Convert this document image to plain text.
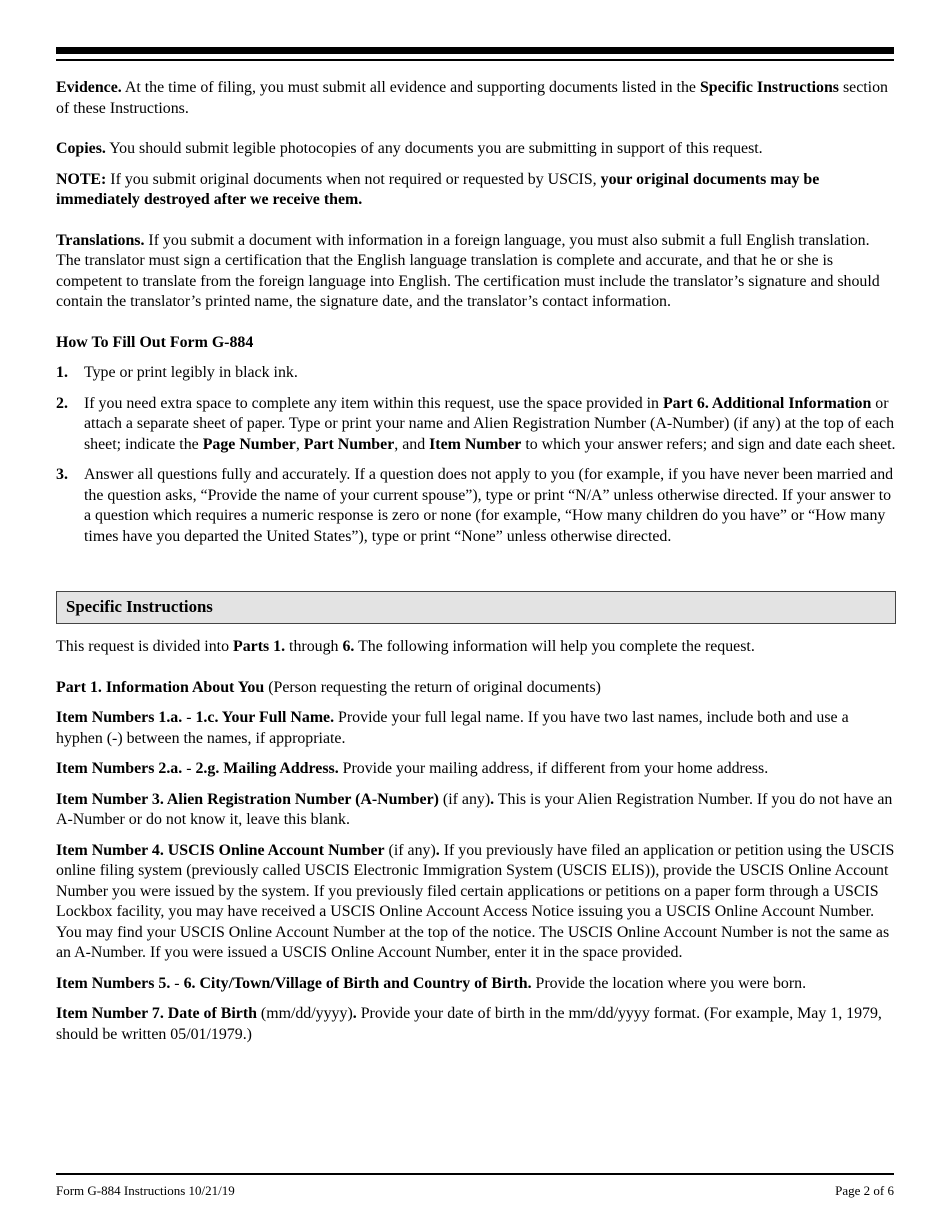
Evidence. At the time of filing, you must submit all evidence and supporting documents listed in the Specific Instructions section of these Instructions.

Copies. You should submit legible photocopies of any documents you are submitting in support of this request.

NOTE: If you submit original documents when not required or requested by USCIS, your original documents may be immediately destroyed after we receive them.

Translations. If you submit a document with information in a foreign language, you must also submit a full English translation. The translator must sign a certification that the English language translation is complete and accurate, and that he or she is competent to translate from the foreign language into English. The certification must include the translator’s signature and should contain the translator’s printed name, the signature date, and the translator’s contact information.

How To Fill Out Form G-884

1. Type or print legibly in black ink.
2. If you need extra space to complete any item within this request, use the space provided in Part 6. Additional Information or attach a separate sheet of paper. Type or print your name and Alien Registration Number (A-Number) (if any) at the top of each sheet; indicate the Page Number, Part Number, and Item Number to which your answer refers; and sign and date each sheet.
3. Answer all questions fully and accurately. If a question does not apply to you (for example, if you have never been married and the question asks, “Provide the name of your current spouse”), type or print “N/A” unless otherwise directed. If your answer to a question which requires a numeric response is zero or none (for example, “How many children do you have” or “How many times have you departed the United States”), type or print “None” unless otherwise directed.
Specific Instructions

This request is divided into Parts 1. through 6. The following information will help you complete the request.

Part 1. Information About You (Person requesting the return of original documents)

Item Numbers 1.a. - 1.c. Your Full Name. Provide your full legal name. If you have two last names, include both and use a hyphen (-) between the names, if appropriate.

Item Numbers 2.a. - 2.g. Mailing Address. Provide your mailing address, if different from your home address.

Item Number 3. Alien Registration Number (A-Number) (if any). This is your Alien Registration Number. If you do not have an A-Number or do not know it, leave this blank.

Item Number 4. USCIS Online Account Number (if any). If you previously have filed an application or petition using the USCIS online filing system (previously called USCIS Electronic Immigration System (USCIS ELIS)), provide the USCIS Online Account Number you were issued by the system. If you previously filed certain applications or petitions on a paper form through a USCIS Lockbox facility, you may have received a USCIS Online Account Access Notice issuing you a USCIS Online Account Number. You may find your USCIS Online Account Number at the top of the notice. The USCIS Online Account Number is not the same as an A-Number. If you were issued a USCIS Online Account Number, enter it in the space provided.

Item Numbers 5. - 6. City/Town/Village of Birth and Country of Birth. Provide the location where you were born.

Item Number 7. Date of Birth (mm/dd/yyyy). Provide your date of birth in the mm/dd/yyyy format. (For example, May 1, 1979, should be written 05/01/1979.)

Form G-884 Instructions 10/21/19	Page 2 of 6
